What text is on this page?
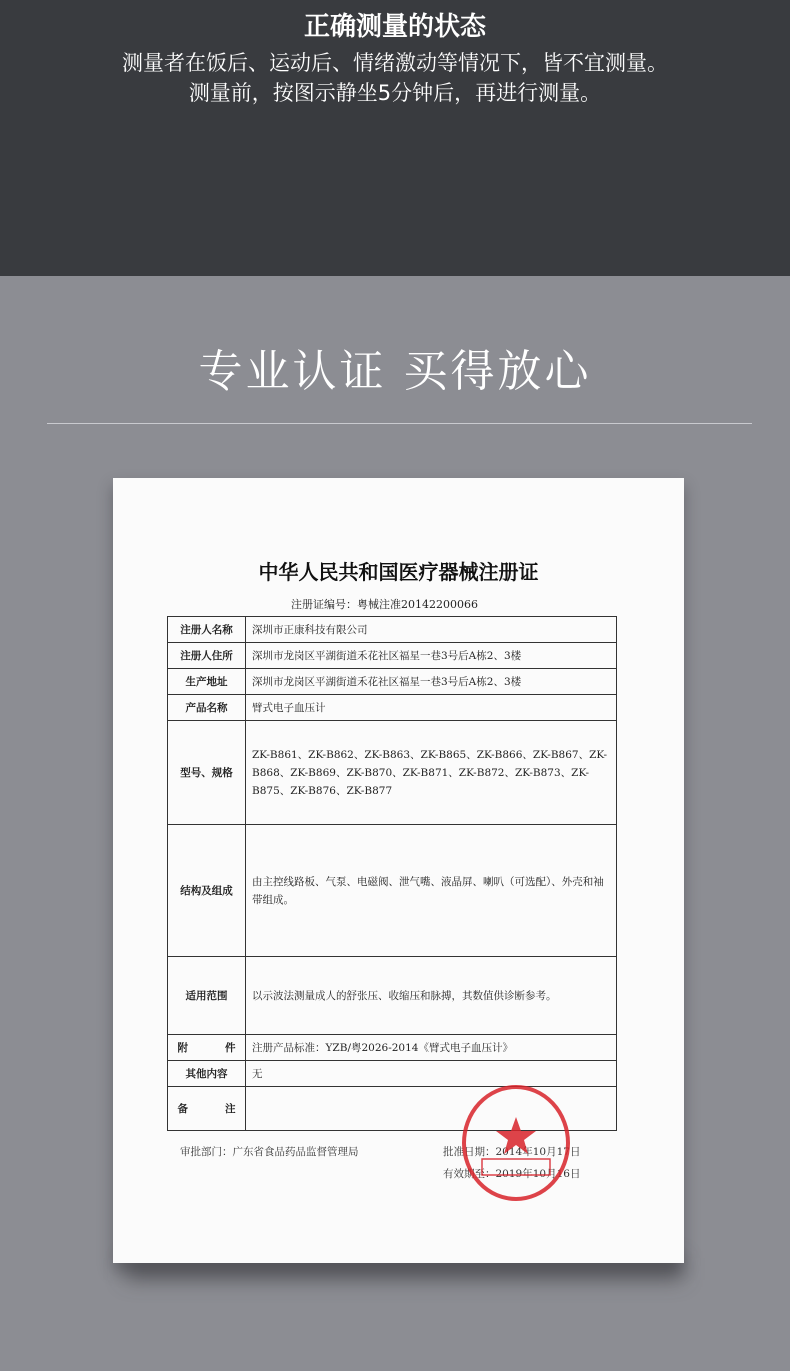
正确测量的状态
测量者在饭后、运动后、情绪激动等情况下，皆不宜测量。
测量前，按图示静坐5分钟后，再进行测量。
专业认证 买得放心
中华人民共和国医疗器械注册证
注册证编号：粤械注准20142200066
注册人名称	深圳市正康科技有限公司
注册人住所	深圳市龙岗区平湖街道禾花社区福星一巷3号后A栋2、3楼
生产地址	深圳市龙岗区平湖街道禾花社区福星一巷3号后A栋2、3楼
产品名称	臂式电子血压计
型号、规格	ZK-B861、ZK-B862、ZK-B863、ZK-B865、ZK-B866、ZK-B867、ZK-B868、ZK-B869、ZK-B870、ZK-B871、ZK-B872、ZK-B873、ZK-B875、ZK-B876、ZK-B877
结构及组成	由主控线路板、气泵、电磁阀、泄气嘴、液晶屏、喇叭（可选配）、外壳和袖带组成。
适用范围	以示波法测量成人的舒张压、收缩压和脉搏，其数值供诊断参考。
附件	注册产品标准：YZB/粤2026-2014《臂式电子血压计》
其他内容	无
备注	
审批部门：广东省食品药品监督管理局	批准日期：2014年10月17日
有效期至：2019年10月16日
